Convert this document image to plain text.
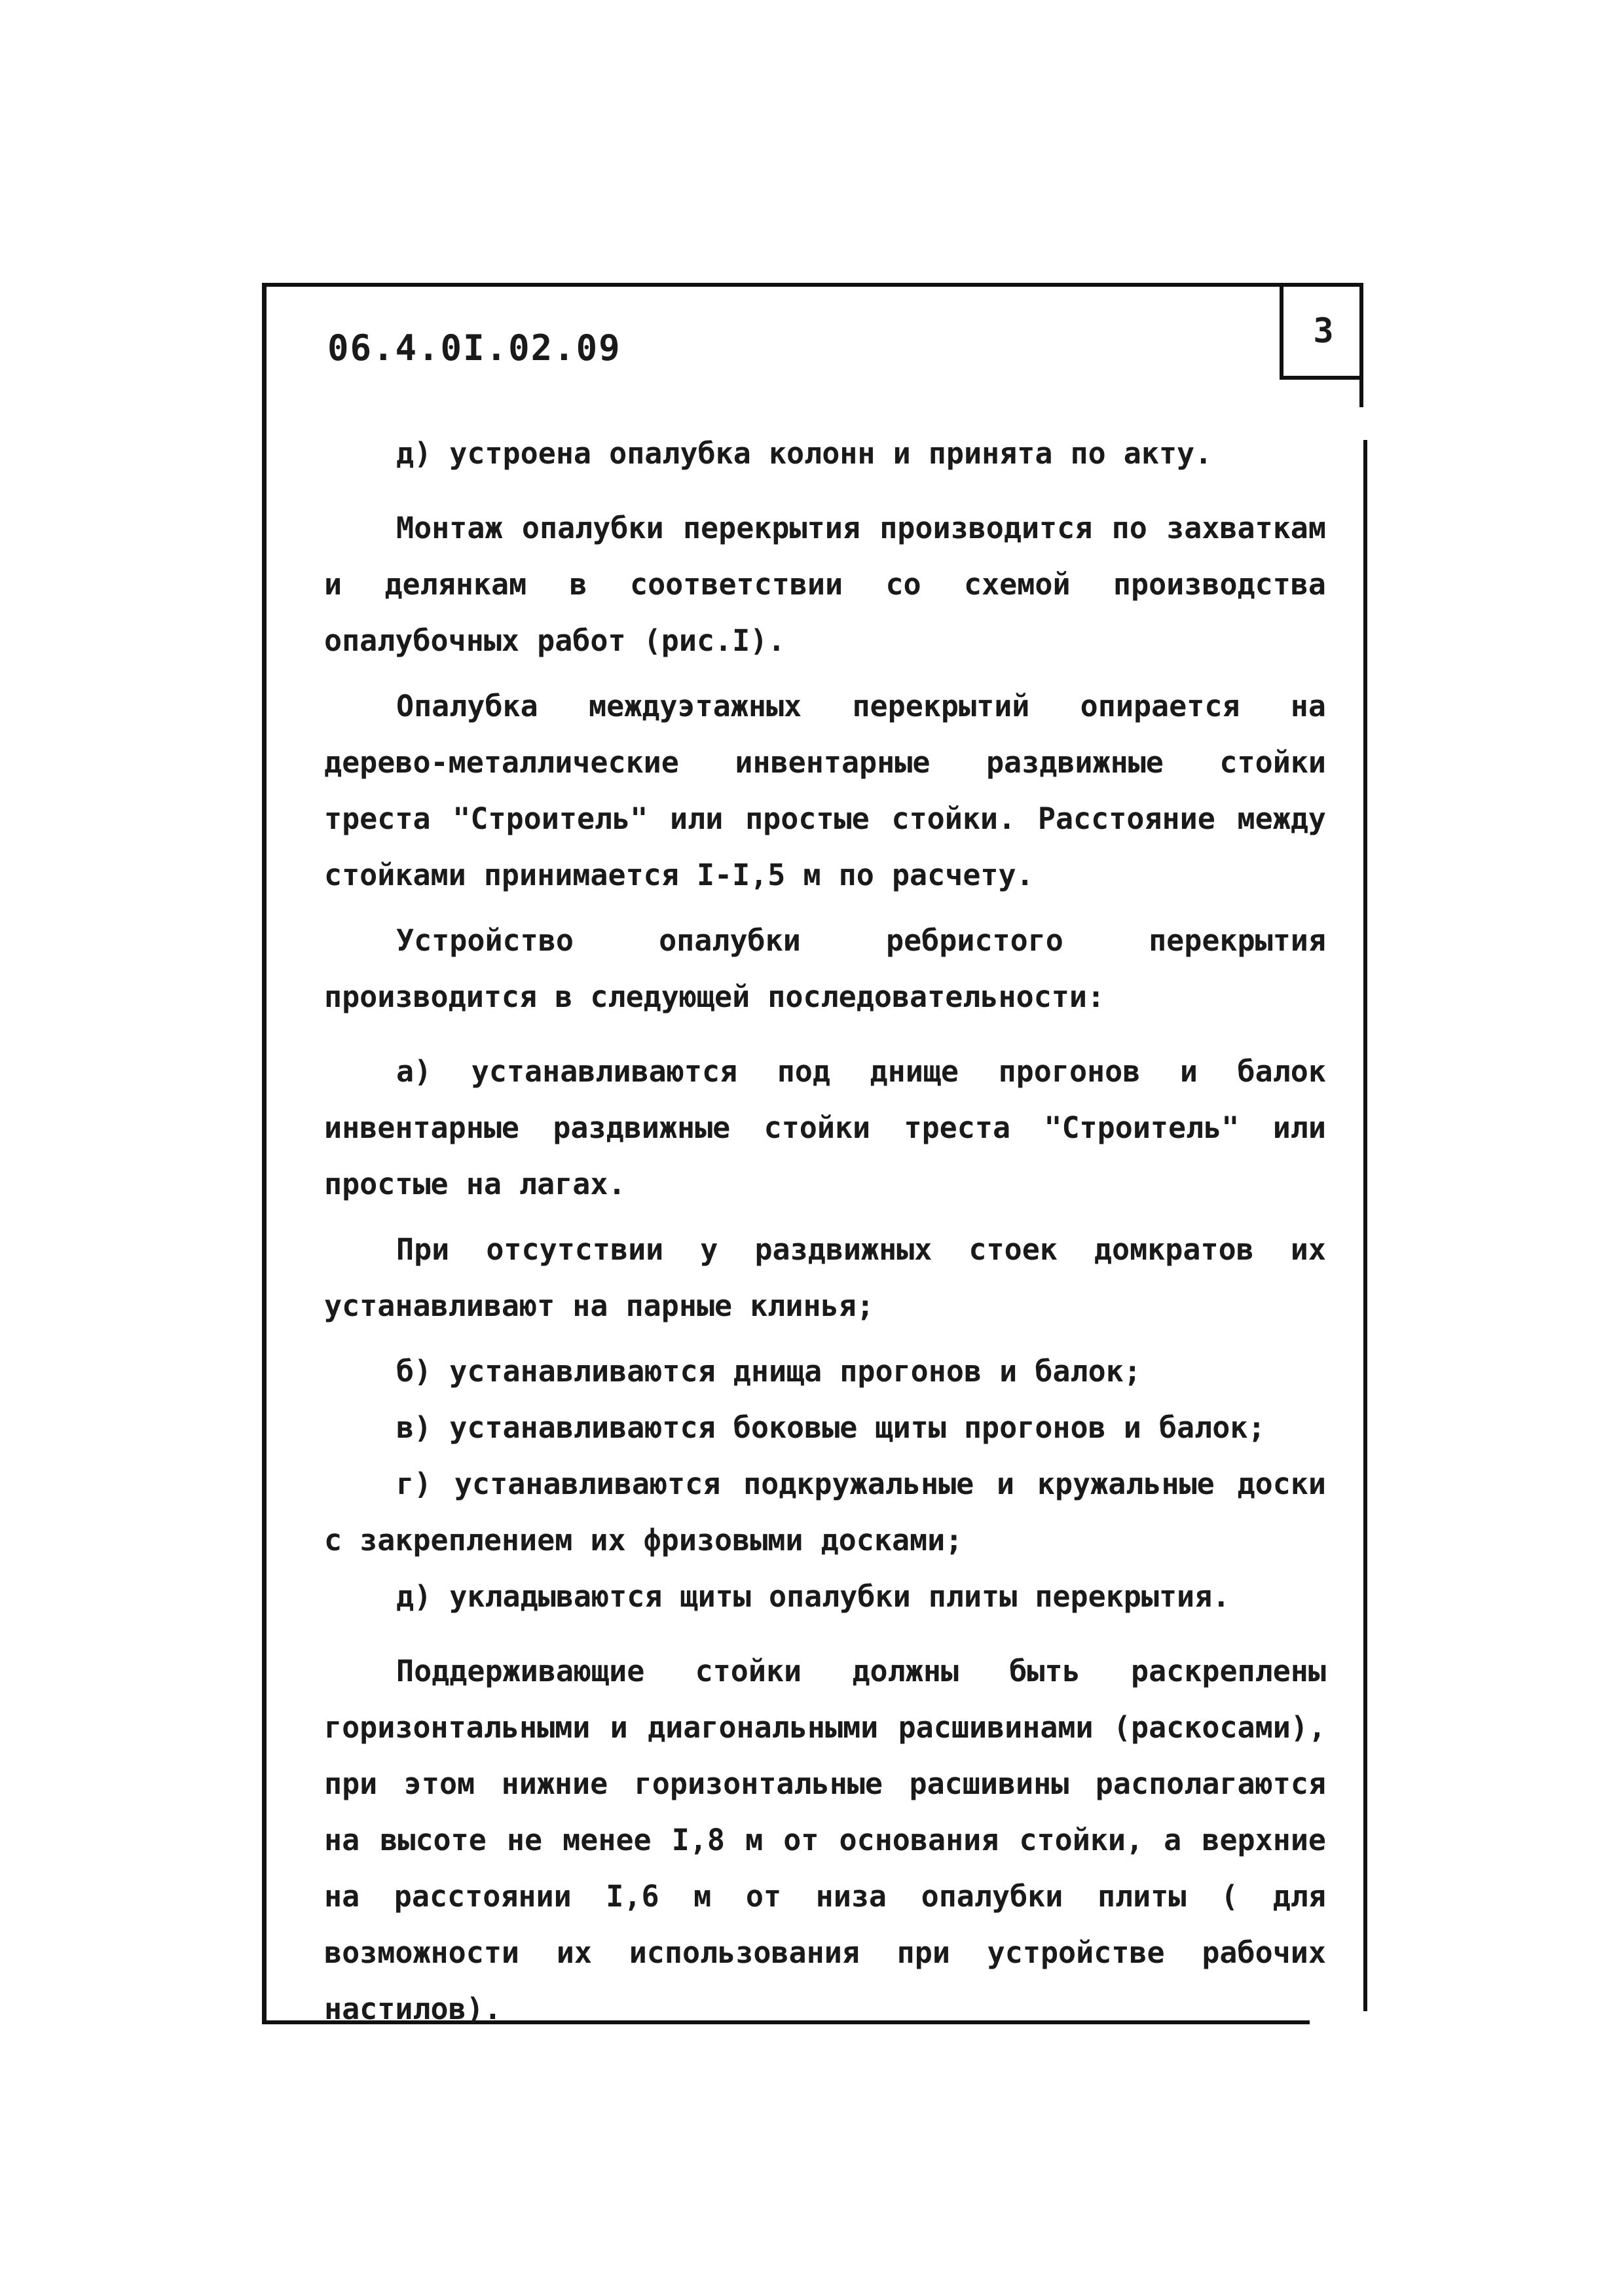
3
06.4.0I.02.09

д) устроена опалубка колонн и принята по акту.

Монтаж опалубки перекрытия производится по захваткам и делянкам в соответствии со схемой производства опалубочных работ (рис.I).

Опалубка междуэтажных перекрытий опирается на дерево-металлические инвентарные раздвижные стойки треста "Строитель" или простые стойки. Расстояние между стойками принимается I-I,5 м по расчету.

Устройство опалубки ребристого перекрытия производится в следующей последовательности:

а) устанавливаются под днище прогонов и балок инвентарные раздвижные стойки треста "Строитель" или простые на лагах.

При отсутствии у раздвижных стоек домкратов их устанавливают на парные клинья;

б) устанавливаются днища прогонов и балок;

в) устанавливаются боковые щиты прогонов и балок;

г) устанавливаются подкружальные и кружальные доски с закреплением их фризовыми досками;

д) укладываются щиты опалубки плиты перекрытия.

Поддерживающие стойки должны быть раскреплены горизонтальными и диагональными расшивинами (раскосами), при этом нижние горизонтальные расшивины располагаются на высоте не менее I,8 м от основания стойки, а верхние на расстоянии I,6 м от низа опалубки плиты ( для возможности их использования при устройстве рабочих настилов).
